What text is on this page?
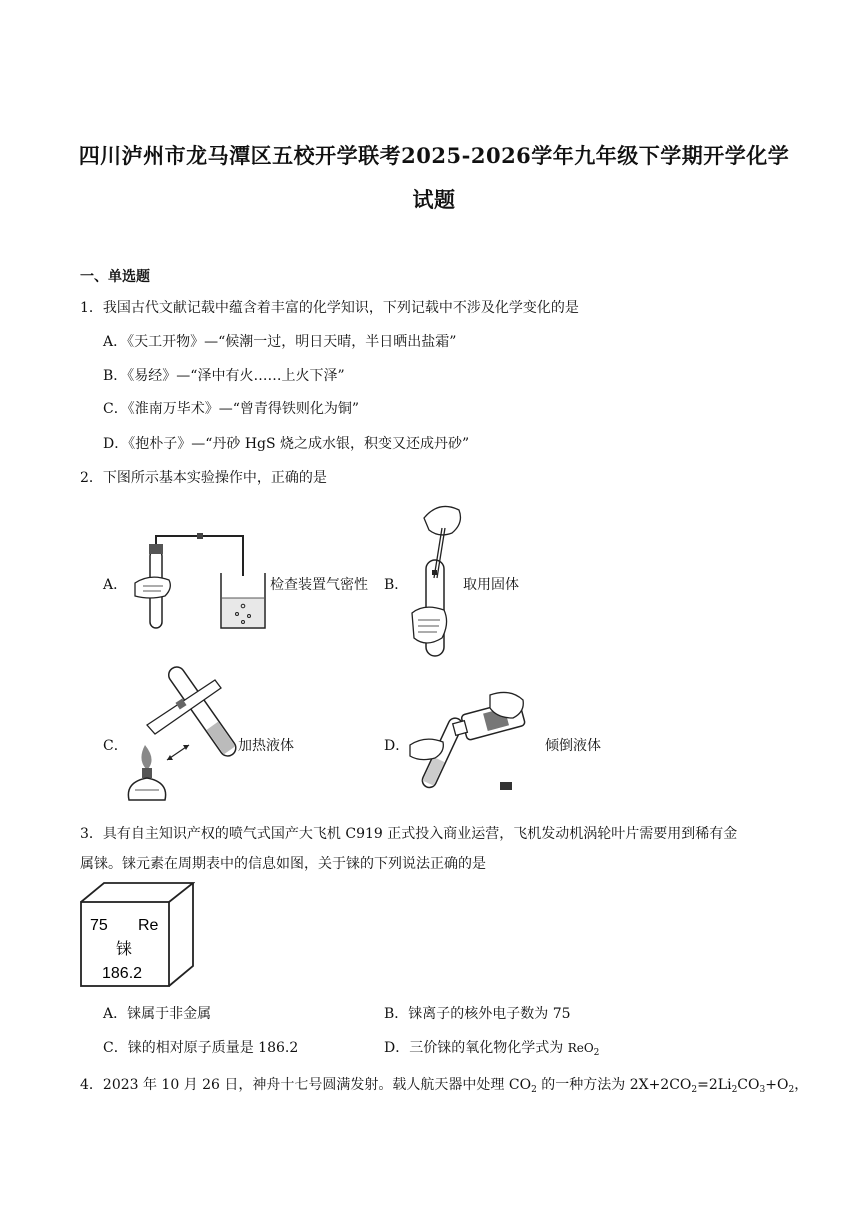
四川泸州市龙马潭区五校开学联考2025-2026学年九年级下学期开学化学
试题
一、单选题
1．我国古代文献记载中蕴含着丰富的化学知识，下列记载中不涉及化学变化的是
A．《天工开物》—“候潮一过，明日天晴，半日晒出盐霜”
B．《易经》—“泽中有火……上火下泽”
C．《淮南万毕术》—“曾青得铁则化为铜”
D．《抱朴子》—“丹砂 HgS 烧之成水银，积变又还成丹砂”
2．下图所示基本实验操作中，正确的是
A．	检查装置气密性 B．	取用固体
C．	加热液体	D．	倾倒液体
3．具有自主知识产权的喷气式国产大飞机 C919 正式投入商业运营，飞机发动机涡轮叶片需要用到稀有金
属铼。铼元素在周期表中的信息如图，关于铼的下列说法正确的是
75 Re
铼
186.2
A．铼属于非金属	B．铼离子的核外电子数为 75
C．铼的相对原子质量是 186.2	D．三价铼的氧化物化学式为 ReO$_2$
4．2023 年 10 月 26 日，神舟十七号圆满发射。载人航天器中处理 $CO_2$ 的一种方法为 $2X+2CO_2=2Li_2CO_3+O_2$，
